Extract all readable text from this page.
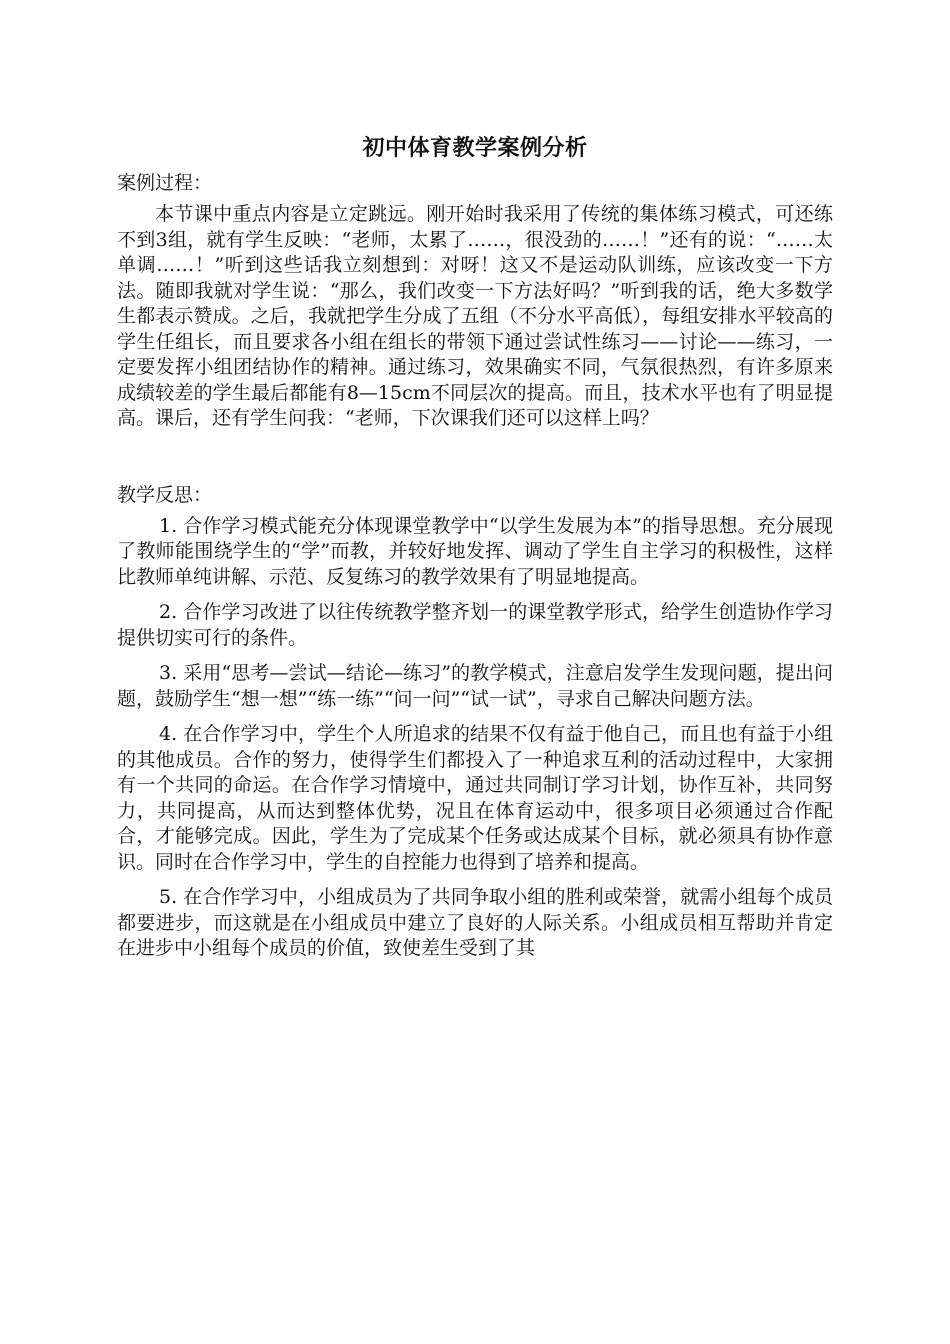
初中体育教学案例分析

案例过程：

本节课中重点内容是立定跳远。刚开始时我采用了传统的集体练习模式，可还练不到3组，就有学生反映：“老师，太累了……，很没劲的……！”还有的说：“……太单调……！”听到这些话我立刻想到：对呀！这又不是运动队训练，应该改变一下方法。随即我就对学生说：“那么，我们改变一下方法好吗？”听到我的话，绝大多数学生都表示赞成。之后，我就把学生分成了五组（不分水平高低），每组安排水平较高的学生任组长，而且要求各小组在组长的带领下通过尝试性练习——讨论——练习，一定要发挥小组团结协作的精神。通过练习，效果确实不同，气氛很热烈，有许多原来成绩较差的学生最后都能有8—15cm不同层次的提高。而且，技术水平也有了明显提高。课后，还有学生问我：“老师，下次课我们还可以这样上吗？

教学反思：

1. 合作学习模式能充分体现课堂教学中“以学生发展为本”的指导思想。充分展现了教师能围绕学生的“学”而教，并较好地发挥、调动了学生自主学习的积极性，这样比教师单纯讲解、示范、反复练习的教学效果有了明显地提高。

2. 合作学习改进了以往传统教学整齐划一的课堂教学形式，给学生创造协作学习提供切实可行的条件。

3. 采用“思考—尝试—结论—练习”的教学模式，注意启发学生发现问题，提出问题，鼓励学生“想一想”“练一练”“问一问”“试一试”，寻求自己解决问题方法。

4. 在合作学习中，学生个人所追求的结果不仅有益于他自己，而且也有益于小组的其他成员。合作的努力，使得学生们都投入了一种追求互利的活动过程中，大家拥有一个共同的命运。在合作学习情境中，通过共同制订学习计划，协作互补，共同努力，共同提高，从而达到整体优势，况且在体育运动中，很多项目必须通过合作配合，才能够完成。因此，学生为了完成某个任务或达成某个目标，就必须具有协作意识。同时在合作学习中，学生的自控能力也得到了培养和提高。

5. 在合作学习中，小组成员为了共同争取小组的胜利或荣誉，就需小组每个成员都要进步，而这就是在小组成员中建立了良好的人际关系。小组成员相互帮助并肯定在进步中小组每个成员的价值，致使差生受到了其
